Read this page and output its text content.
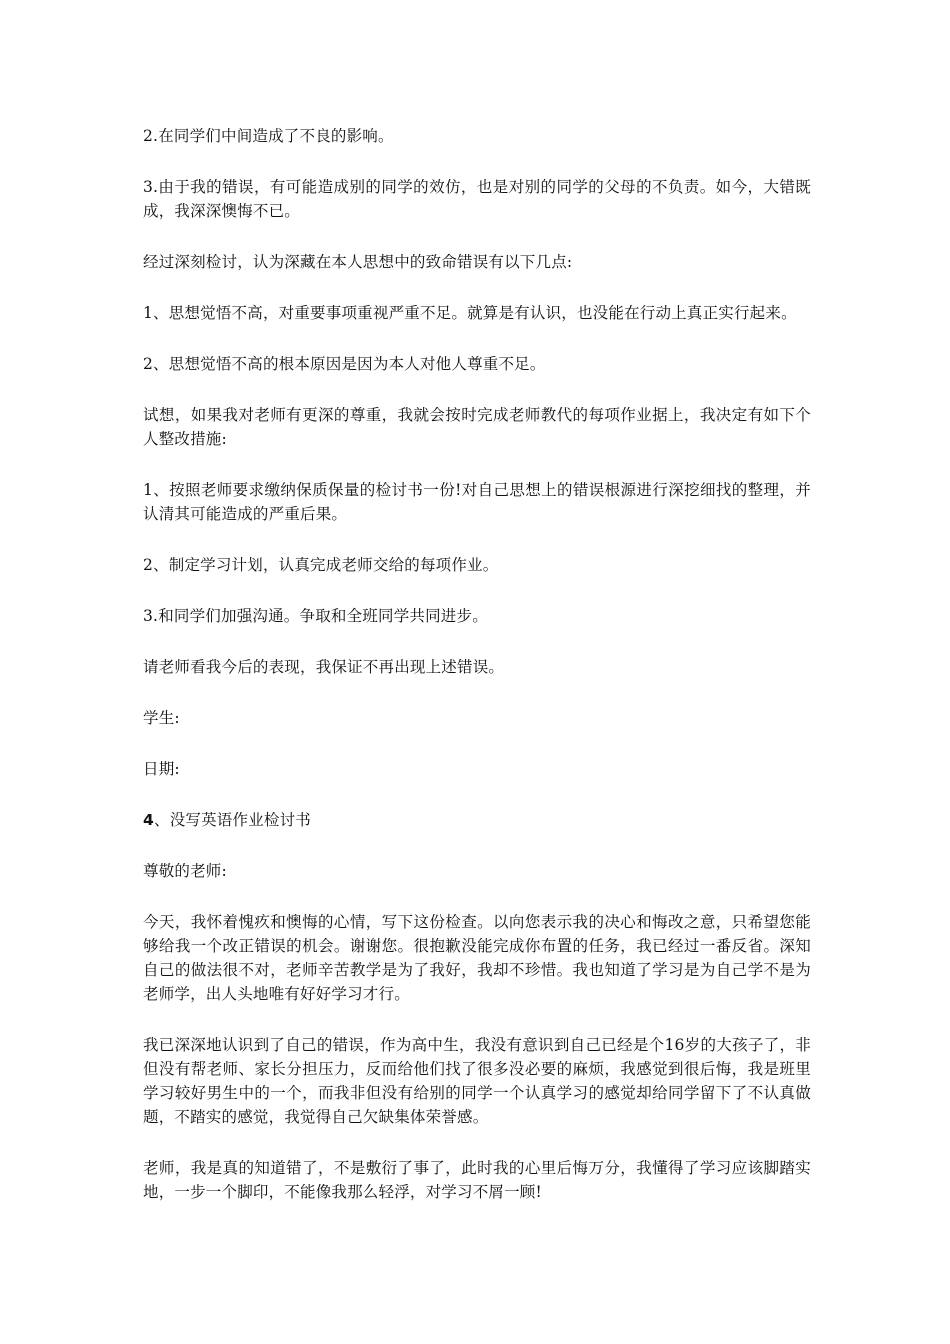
2.在同学们中间造成了不良的影响。

3.由于我的错误，有可能造成别的同学的效仿，也是对别的同学的父母的不负责。如今，大错既成，我深深懊悔不已。

经过深刻检讨，认为深藏在本人思想中的致命错误有以下几点:

1、思想觉悟不高，对重要事项重视严重不足。就算是有认识，也没能在行动上真正实行起来。

2、思想觉悟不高的根本原因是因为本人对他人尊重不足。

试想，如果我对老师有更深的尊重，我就会按时完成老师教代的每项作业据上，我决定有如下个人整改措施:

1、按照老师要求缴纳保质保量的检讨书一份!对自己思想上的错误根源进行深挖细找的整理，并认清其可能造成的严重后果。

2、制定学习计划，认真完成老师交给的每项作业。

3.和同学们加强沟通。争取和全班同学共同进步。

请老师看我今后的表现，我保证不再出现上述错误。

学生:

日期:

4、没写英语作业检讨书

尊敬的老师:

今天，我怀着愧疚和懊悔的心情，写下这份检查。以向您表示我的决心和悔改之意，只希望您能够给我一个改正错误的机会。谢谢您。很抱歉没能完成你布置的任务，我已经过一番反省。深知自己的做法很不对，老师辛苦教学是为了我好，我却不珍惜。我也知道了学习是为自己学不是为老师学，出人头地唯有好好学习才行。

我已深深地认识到了自己的错误，作为高中生，我没有意识到自己已经是个16岁的大孩子了，非但没有帮老师、家长分担压力，反而给他们找了很多没必要的麻烦，我感觉到很后悔，我是班里学习较好男生中的一个，而我非但没有给别的同学一个认真学习的感觉却给同学留下了不认真做题，不踏实的感觉，我觉得自己欠缺集体荣誉感。

老师，我是真的知道错了，不是敷衍了事了，此时我的心里后悔万分，我懂得了学习应该脚踏实地，一步一个脚印，不能像我那么轻浮，对学习不屑一顾!
